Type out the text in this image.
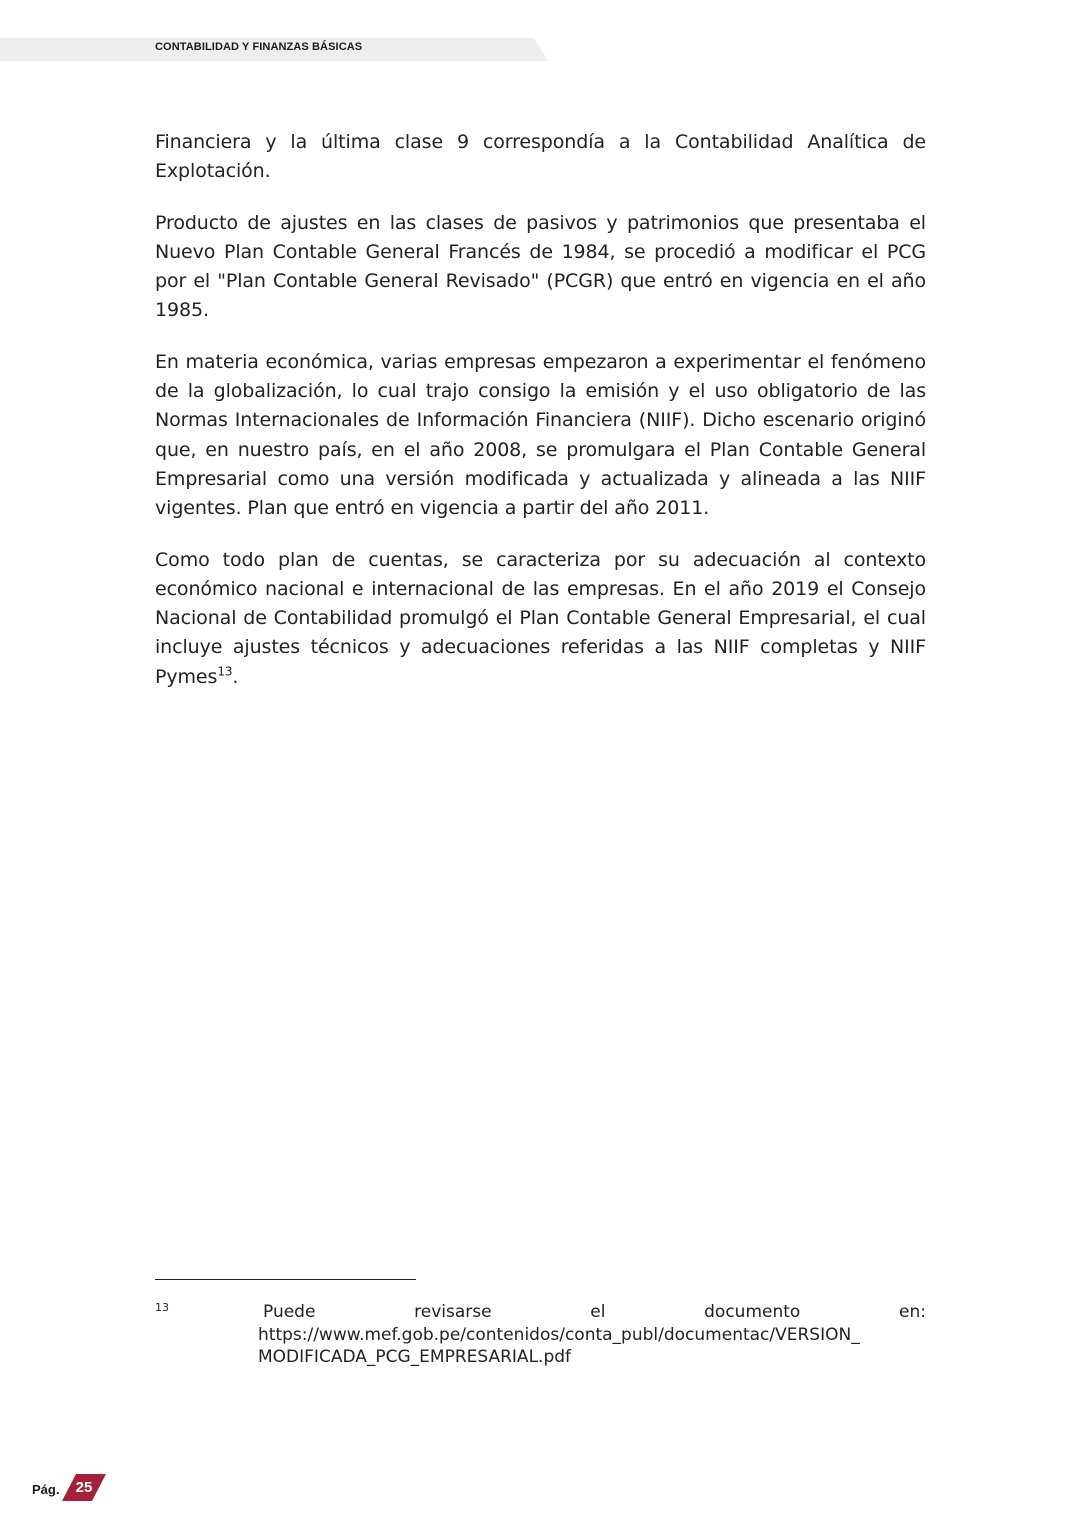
CONTABILIDAD Y FINANZAS BÁSICAS

Financiera y la última clase 9 correspondía a la Contabilidad Analítica de Explotación.

Producto de ajustes en las clases de pasivos y patrimonios que presentaba el Nuevo Plan Contable General Francés de 1984, se procedió a modificar el PCG por el "Plan Contable General Revisado" (PCGR) que entró en vigencia en el año 1985.

En materia económica, varias empresas empezaron a experimentar el fenómeno de la globalización, lo cual trajo consigo la emisión y el uso obligatorio de las Normas Internacionales de Información Financiera (NIIF). Dicho escenario originó que, en nuestro país, en el año 2008, se promulgara el Plan Contable General Empresarial como una versión modificada y actualizada y alineada a las NIIF vigentes. Plan que entró en vigencia a partir del año 2011.

Como todo plan de cuentas, se caracteriza por su adecuación al contexto económico nacional e internacional de las empresas. En el año 2019 el Consejo Nacional de Contabilidad promulgó el Plan Contable General Empresarial, el cual incluye ajustes técnicos y adecuaciones referidas a las NIIF completas y NIIF Pymes$^{13}$.

13	Puede	revisarse	el	documento	en:
https://www.mef.gob.pe/contenidos/conta_publ/documentac/VERSION_
MODIFICADA_PCG_EMPRESARIAL.pdf
Pág.	25
